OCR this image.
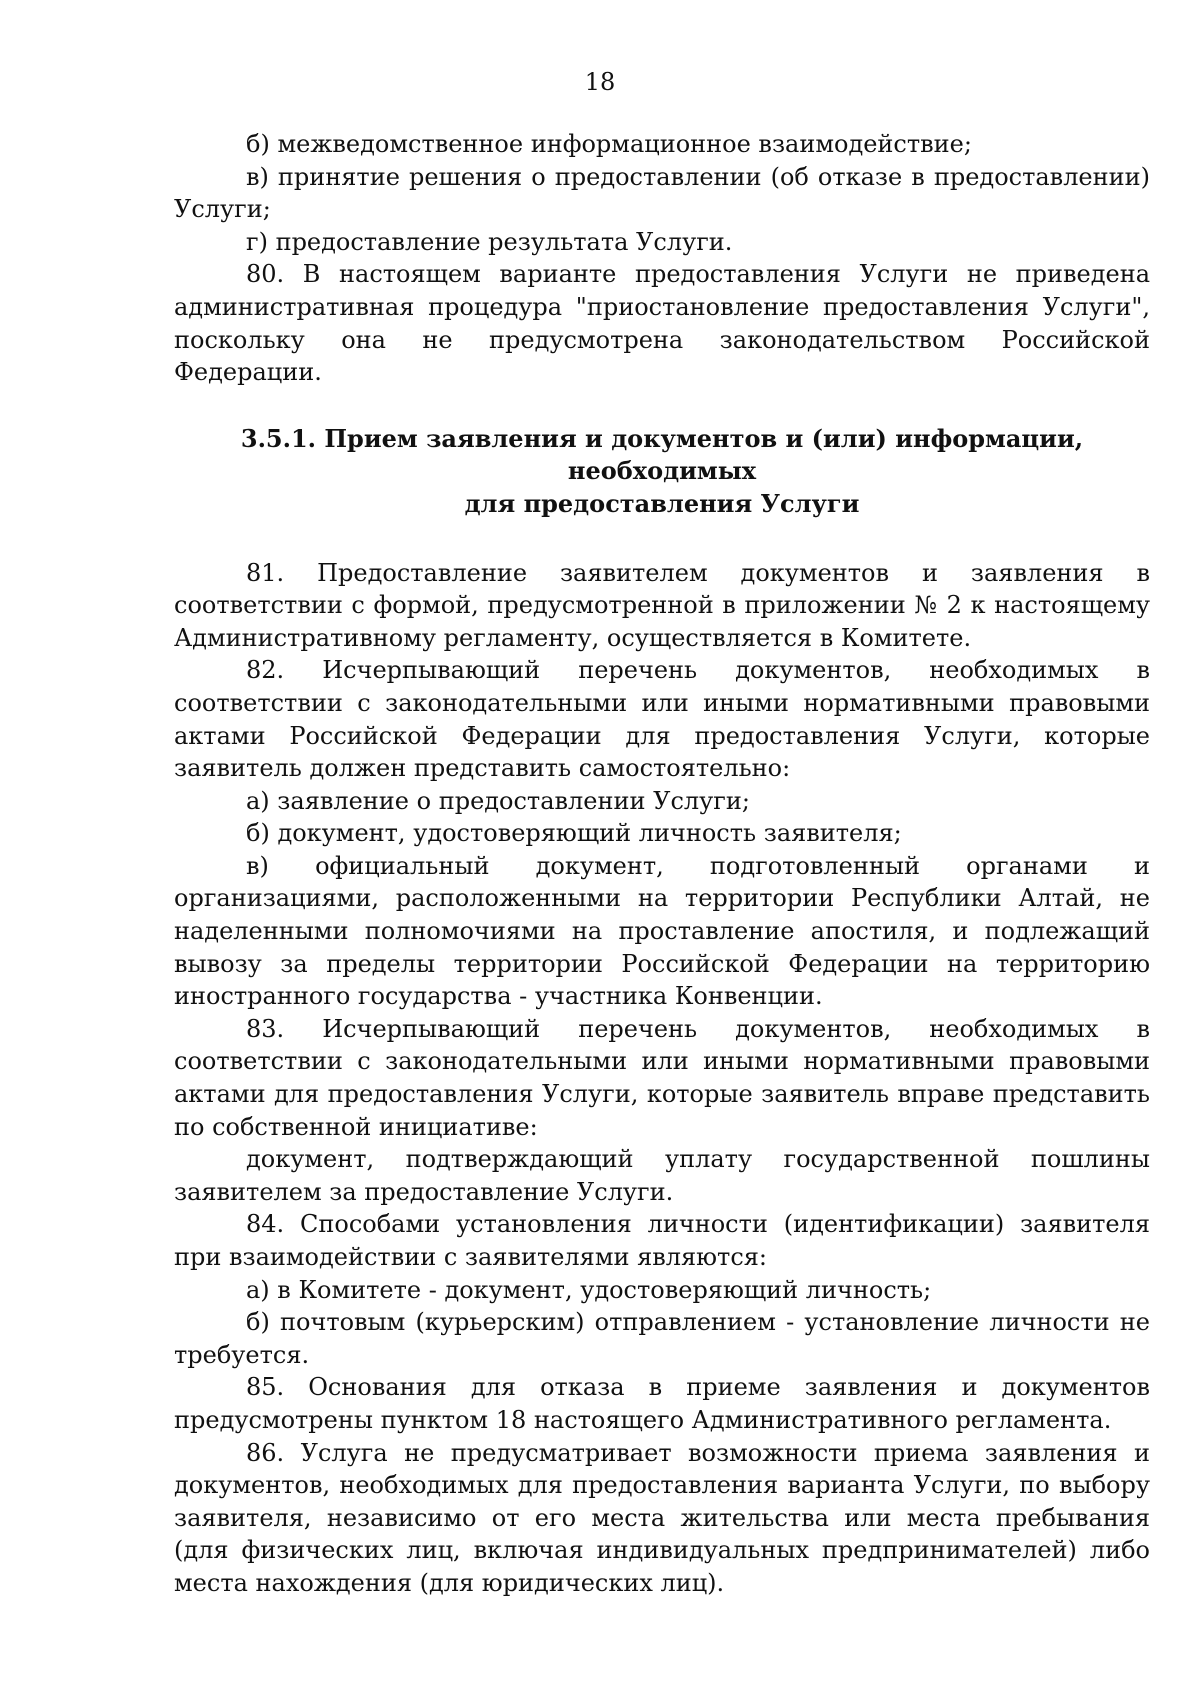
18

б) межведомственное информационное взаимодействие;

в) принятие решения о предоставлении (об отказе в предоставлении) Услуги;

г) предоставление результата Услуги.

80. В настоящем варианте предоставления Услуги не приведена административная процедура "приостановление предоставления Услуги", поскольку она не предусмотрена законодательством Российской Федерации.

3.5.1. Прием заявления и документов и (или) информации, необходимых
для предоставления Услуги

81. Предоставление заявителем документов и заявления в соответствии с формой, предусмотренной в приложении № 2 к настоящему Административному регламенту, осуществляется в Комитете.

82. Исчерпывающий перечень документов, необходимых в соответствии с законодательными или иными нормативными правовыми актами Российской Федерации для предоставления Услуги, которые заявитель должен представить самостоятельно:

а) заявление о предоставлении Услуги;

б) документ, удостоверяющий личность заявителя;

в) официальный документ, подготовленный органами и организациями, расположенными на территории Республики Алтай, не наделенными полномочиями на проставление апостиля, и подлежащий вывозу за пределы территории Российской Федерации на территорию иностранного государства - участника Конвенции.

83. Исчерпывающий перечень документов, необходимых в соответствии с законодательными или иными нормативными правовыми актами для предоставления Услуги, которые заявитель вправе представить по собственной инициативе:

документ, подтверждающий уплату государственной пошлины заявителем за предоставление Услуги.

84. Способами установления личности (идентификации) заявителя при взаимодействии с заявителями являются:

а) в Комитете - документ, удостоверяющий личность;

б) почтовым (курьерским) отправлением - установление личности не требуется.

85. Основания для отказа в приеме заявления и документов предусмотрены пунктом 18 настоящего Административного регламента.

86. Услуга не предусматривает возможности приема заявления и документов, необходимых для предоставления варианта Услуги, по выбору заявителя, независимо от его места жительства или места пребывания (для физических лиц, включая индивидуальных предпринимателей) либо места нахождения (для юридических лиц).
